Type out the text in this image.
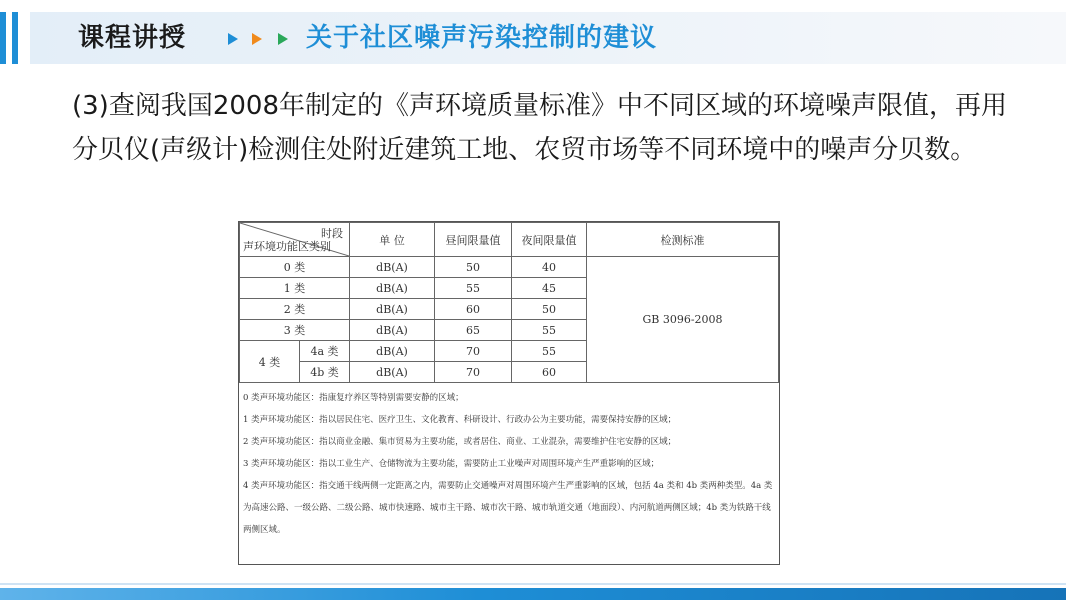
课程讲授	关于社区噪声污染控制的建议
(3)查阅我国2008年制定的《声环境质量标准》中不同区域的环境噪声限值，再用分贝仪(声级计)检测住处附近建筑工地、农贸市场等不同环境中的噪声分贝数。
时段
声环境功能区类别		单 位	昼间限量值	夜间限量值	检测标准
0 类		dB(A)	50	40	GB 3096-2008
1 类		dB(A)	55	45	
2 类		dB(A)	60	50	
3 类		dB(A)	65	55	
4 类	4a 类	dB(A)	70	55	
	4b 类	dB(A)	70	60	
0 类声环境功能区：指康复疗养区等特别需要安静的区域；
1 类声环境功能区：指以居民住宅、医疗卫生、文化教育、科研设计、行政办公为主要功能，需要保持安静的区域；
2 类声环境功能区：指以商业金融、集市贸易为主要功能，或者居住、商业、工业混杂，需要维护住宅安静的区域；
3 类声环境功能区：指以工业生产、仓储物流为主要功能，需要防止工业噪声对周围环境产生严重影响的区域；
4 类声环境功能区：指交通干线两侧一定距离之内，需要防止交通噪声对周围环境产生严重影响的区域，包括 4a 类和 4b 类两种类型。4a 类为高速公路、一级公路、二级公路、城市快速路、城市主干路、城市次干路、城市轨道交通（地面段）、内河航道两侧区域；4b 类为铁路干线两侧区域。
